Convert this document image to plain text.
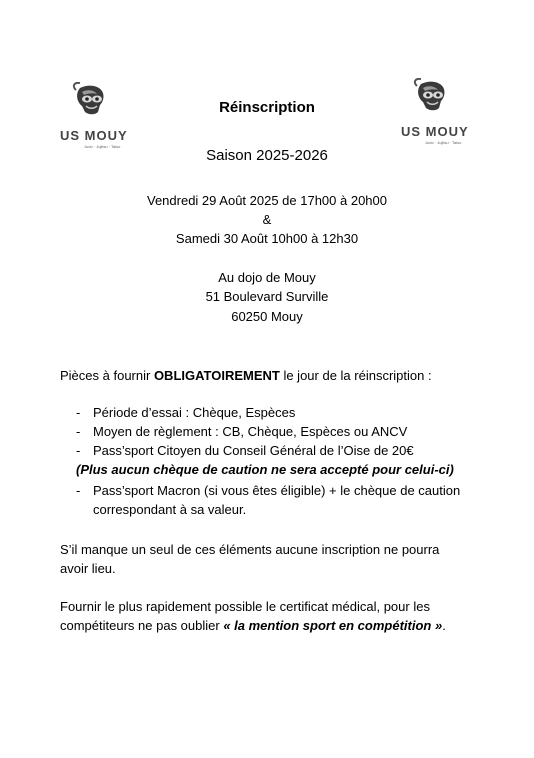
US MOUY
Judo · Jujitsu · Taiso
US MOUY
Judo · Jujitsu · Taiso
Réinscription
Saison 2025-2026
Vendredi 29 Août 2025 de 17h00 à 20h00
&
Samedi 30 Août 10h00 à 12h30
Au dojo de Mouy
51 Boulevard Surville
60250 Mouy
Pièces à fournir OBLIGATOIREMENT le jour de la réinscription :
- Période d’essai : Chèque, Espèces
- Moyen de règlement : CB, Chèque, Espèces ou ANCV
- Pass’sport Citoyen du Conseil Général de l’Oise de 20€
(Plus aucun chèque de caution ne sera accepté pour celui-ci)
- Pass’sport Macron (si vous êtes éligible) + le chèque de caution
correspondant à sa valeur.
S’il manque un seul de ces éléments aucune inscription ne pourra
avoir lieu.
Fournir le plus rapidement possible le certificat médical, pour les
compétiteurs ne pas oublier « la mention sport en compétition ».
